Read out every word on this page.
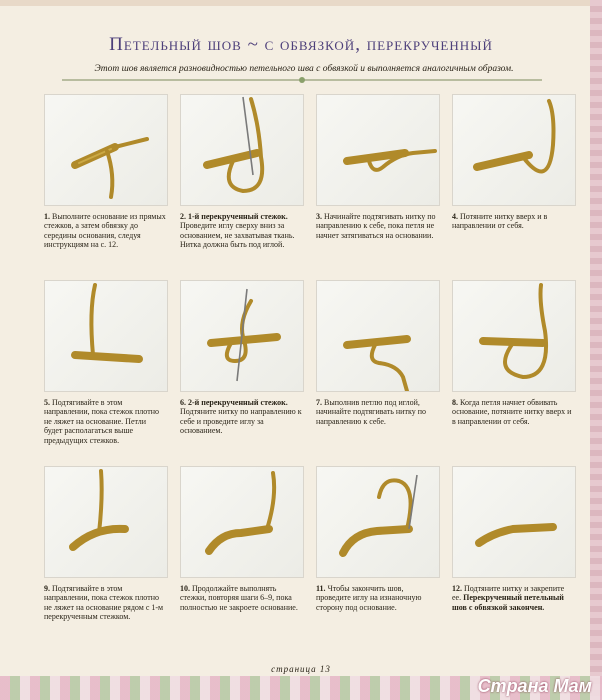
Петельный шов ~ с обвязкой, перекрученный
Этот шов является разновидностью петельного шва с обвязкой и выполняется аналогичным образом.
1. Выполните основание из прямых стежков, а затем обвязку до середины основания, следуя инструкциям на с. 12.
2. 1-й перекрученный стежок. Проведите иглу сверху вниз за основанием, не захватывая ткань. Нитка должна быть под иглой.
3. Начинайте подтягивать нитку по направлению к себе, пока петля не начнет затягиваться на основании.
4. Потяните нитку вверх и в направлении от себя.
5. Подтягивайте в этом направлении, пока стежок плотно не ляжет на основание. Петли будет располагаться выше предыдущих стежков.
6. 2-й перекрученный стежок. Подтяните нитку по направлению к себе и проведите иглу за основанием.
7. Выполнив петлю под иглой, начинайте подтягивать нитку по направлению к себе.
8. Когда петля начнет обвивать основание, потяните нитку вверх и в направлении от себя.
9. Подтягивайте в этом направлении, пока стежок плотно не ляжет на основание рядом с 1-м перекрученным стежком.
10. Продолжайте выполнять стежки, повторяя шаги 6–9, пока полностью не закроете основание.
11. Чтобы закончить шов, проведите иглу на изнаночную сторону под основание.
12. Подтяните нитку и закрепите ее. Перекрученный петельный шов с обвязкой закончен.
страница 13
Страна Мам
